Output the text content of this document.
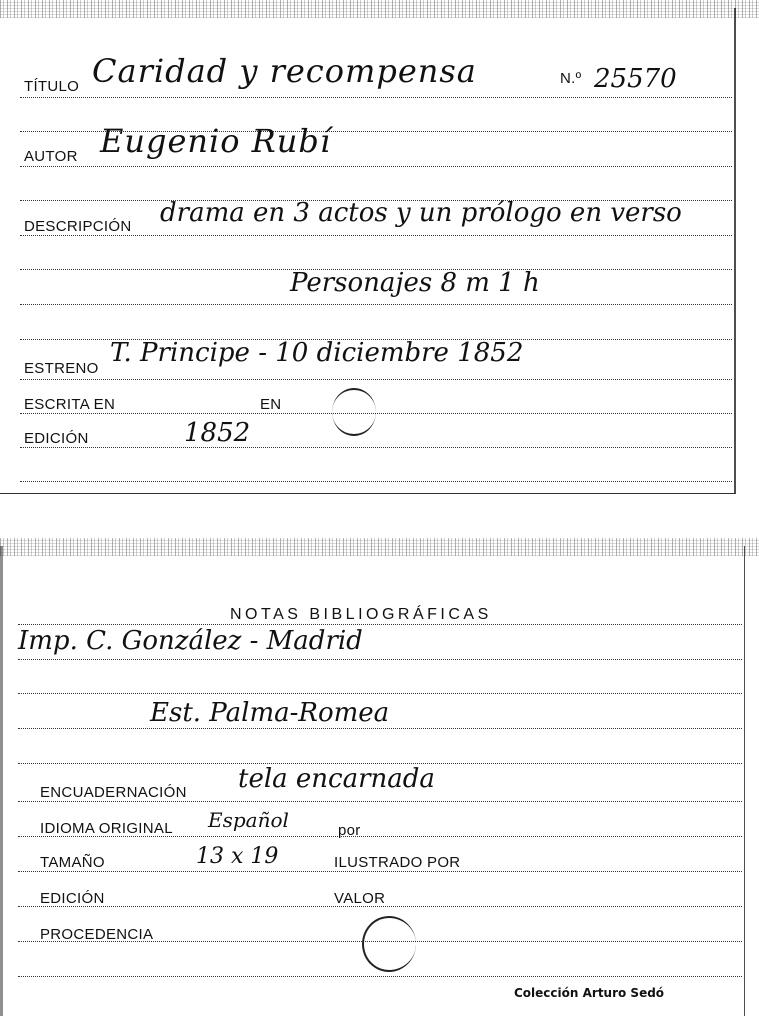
TÍTULO Caridad y recompensa	N.º 25570
AUTOR Eugenio Rubí
DESCRIPCIÓN drama en 3 actos y un prólogo en verso
Personajes 8 m 1 h
ESTRENO
T. Principe - 10 diciembre 1852
ESCRITA EN	EN
EDICIÓN	1852
NOTAS BIBLIOGRÁFICAS
Imp. C. González - Madrid
Est. Palma-Romea
ENCUADERNACIÓN tela encarnada
IDIOMA ORIGINAL Español	por
TAMAÑO	13 x 19	ILUSTRADO POR
EDICIÓN	VALOR
PROCEDENCIA
Colección Arturo Sedó
